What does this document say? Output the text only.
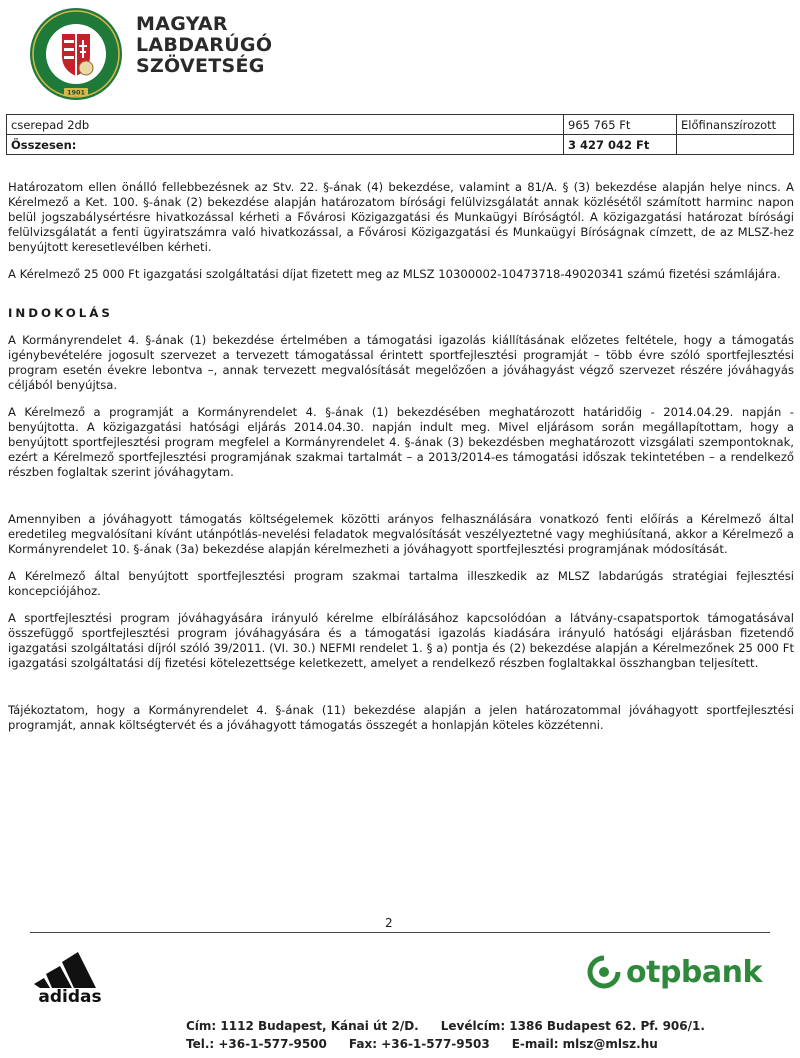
1901
MAGYAR
LABDARÚGÓ
SZÖVETSÉG
cserepad 2db	965 765 Ft	Előfinanszírozott
Összesen:	3 427 042 Ft	

Határozatom ellen önálló fellebbezésnek az Stv. 22. §-ának (4) bekezdése, valamint a 81/A. § (3) bekezdése alapján helye nincs. A Kérelmező a Ket. 100. §-ának (2) bekezdése alapján határozatom bírósági felülvizsgálatát annak közlésétől számított harminc napon belül jogszabálysértésre hivatkozással kérheti a Fővárosi Közigazgatási és Munkaügyi Bíróságtól. A közigazgatási határozat bírósági felülvizsgálatát a fenti ügyiratszámra való hivatkozással, a Fővárosi Közigazgatási és Munkaügyi Bíróságnak címzett, de az MLSZ-hez benyújtott keresetlevélben kérheti.

A Kérelmező 25 000 Ft igazgatási szolgáltatási díjat fizetett meg az MLSZ 10300002-10473718-49020341 számú fizetési számlájára.

INDOKOLÁS

A Kormányrendelet 4. §-ának (1) bekezdése értelmében a támogatási igazolás kiállításának előzetes feltétele, hogy a támogatás igénybevételére jogosult szervezet a tervezett támogatással érintett sportfejlesztési programját – több évre szóló sportfejlesztési program esetén évekre lebontva –, annak tervezett megvalósítását megelőzően a jóváhagyást végző szervezet részére jóváhagyás céljából benyújtsa.

A Kérelmező a programját a Kormányrendelet 4. §-ának (1) bekezdésében meghatározott határidőig - 2014.04.29. napján - benyújtotta. A közigazgatási hatósági eljárás 2014.04.30. napján indult meg. Mivel eljárásom során megállapítottam, hogy a benyújtott sportfejlesztési program megfelel a Kormányrendelet 4. §-ának (3) bekezdésben meghatározott vizsgálati szempontoknak, ezért a Kérelmező sportfejlesztési programjának szakmai tartalmát – a 2013/2014-es támogatási időszak tekintetében – a rendelkező részben foglaltak szerint jóváhagytam.

Amennyiben a jóváhagyott támogatás költségelemek közötti arányos felhasználására vonatkozó fenti előírás a Kérelmező által eredetileg megvalósítani kívánt utánpótlás-nevelési feladatok megvalósítását veszélyeztetné vagy meghiúsítaná, akkor a Kérelmező a Kormányrendelet 10. §-ának (3a) bekezdése alapján kérelmezheti a jóváhagyott sportfejlesztési programjának módosítását.

A Kérelmező által benyújtott sportfejlesztési program szakmai tartalma illeszkedik az MLSZ labdarúgás stratégiai fejlesztési koncepciójához.

A sportfejlesztési program jóváhagyására irányuló kérelme elbírálásához kapcsolódóan a látvány-csapatsportok támogatásával összefüggő sportfejlesztési program jóváhagyására és a támogatási igazolás kiadására irányuló hatósági eljárásban fizetendő igazgatási szolgáltatási díjról szóló 39/2011. (VI. 30.) NEFMI rendelet 1. § a) pontja és (2) bekezdése alapján a Kérelmezőnek 25 000 Ft igazgatási szolgáltatási díj fizetési kötelezettsége keletkezett, amelyet a rendelkező részben foglaltakkal összhangban teljesített.

Tájékoztatom, hogy a Kormányrendelet 4. §-ának (11) bekezdése alapján a jelen határozatommal jóváhagyott sportfejlesztési programját, annak költségtervét és a jóváhagyott támogatás összegét a honlapján köteles közzétenni.

2
adidas
otpbank
Cím: 1112 Budapest, Kánai út 2/D. Levélcím: 1386 Budapest 62. Pf. 906/1.
Tel.: +36-1-577-9500 Fax: +36-1-577-9503 E-mail: mlsz@mlsz.hu
